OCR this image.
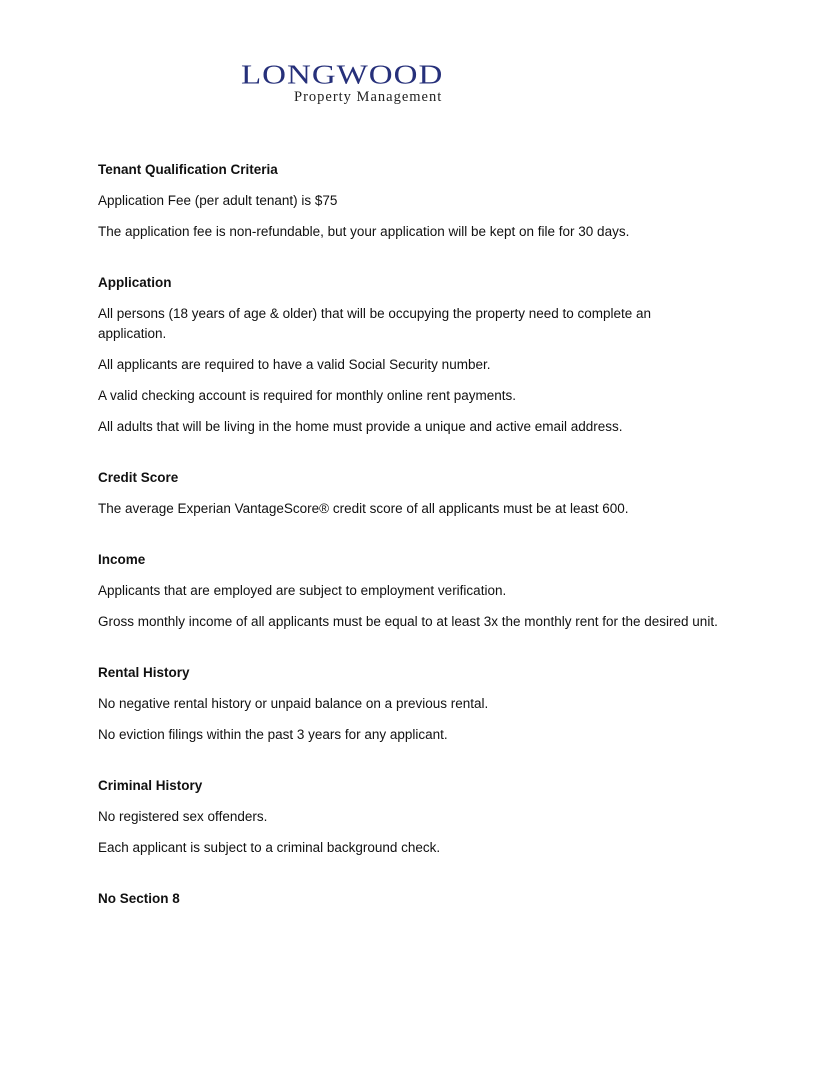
LONGWOOD
Property Management
Tenant Qualification Criteria
Application Fee (per adult tenant) is $75
The application fee is non-refundable, but your application will be kept on file for 30 days.
Application
All persons (18 years of age & older) that will be occupying the property need to complete an application.
All applicants are required to have a valid Social Security number.
A valid checking account is required for monthly online rent payments.
All adults that will be living in the home must provide a unique and active email address.
Credit Score
The average Experian VantageScore® credit score of all applicants must be at least 600.
Income
Applicants that are employed are subject to employment verification.
Gross monthly income of all applicants must be equal to at least 3x the monthly rent for the desired unit.
Rental History
No negative rental history or unpaid balance on a previous rental.
No eviction filings within the past 3 years for any applicant.
Criminal History
No registered sex offenders.
Each applicant is subject to a criminal background check.
No Section 8
